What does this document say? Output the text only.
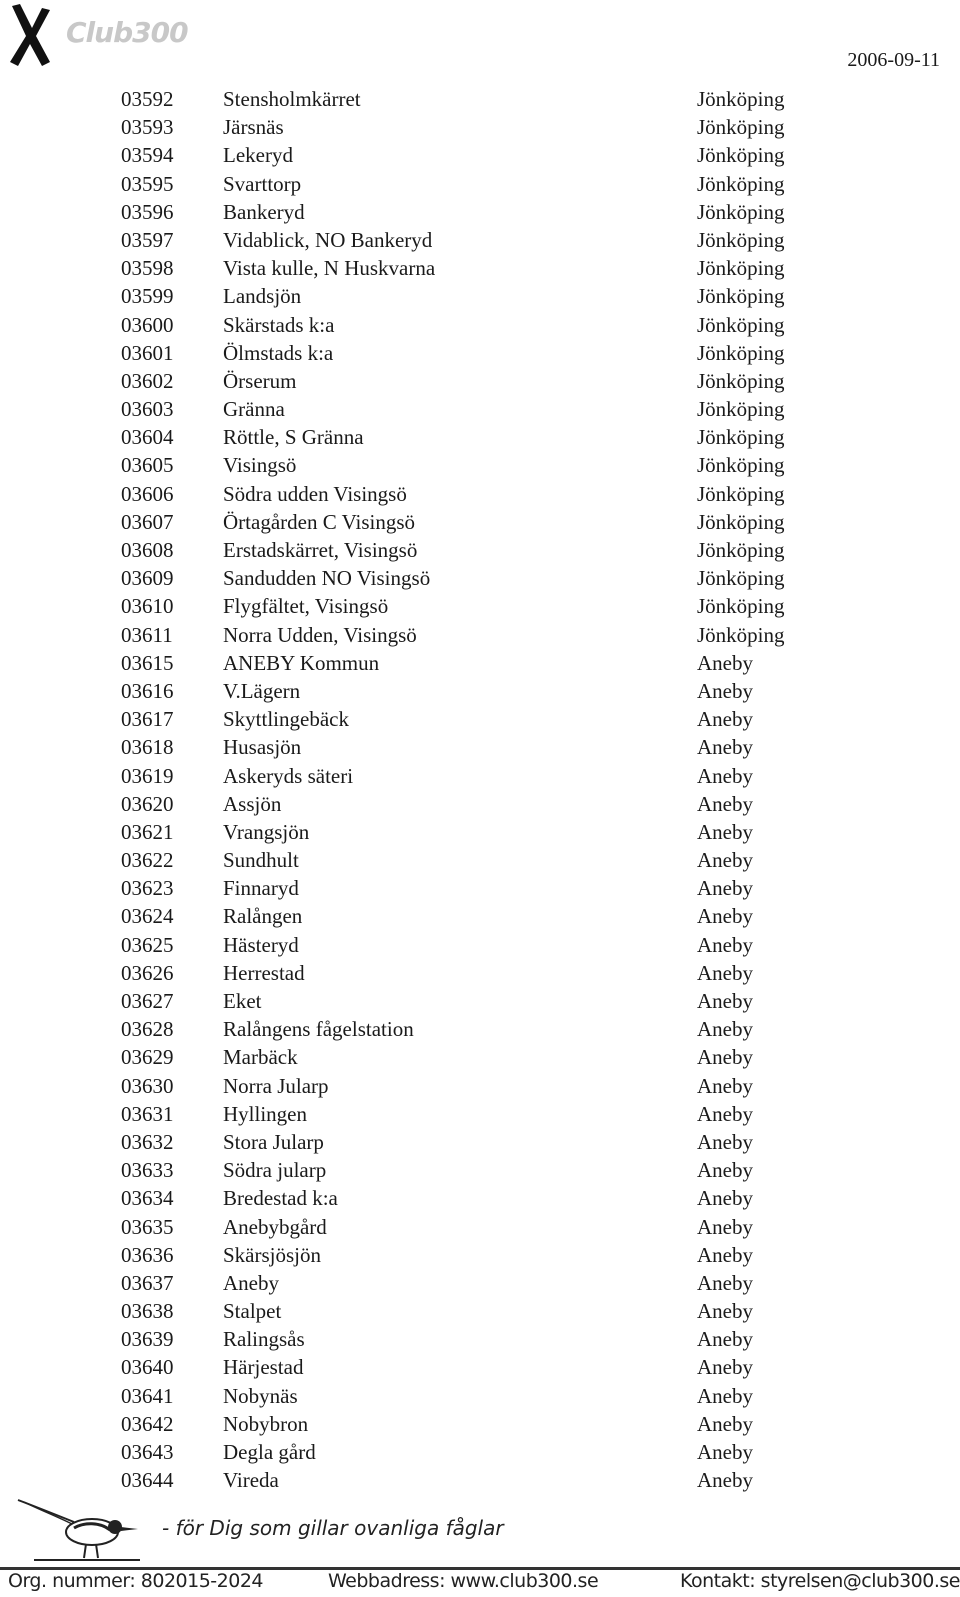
Club300
2006-09-11
03592 Stensholmkärret	Jönköping
03593 Järsnäs	Jönköping
03594 Lekeryd	Jönköping
03595 Svarttorp	Jönköping
03596 Bankeryd	Jönköping
03597 Vidablick, NO Bankeryd	Jönköping
03598 Vista kulle, N Huskvarna	Jönköping
03599 Landsjön	Jönköping
03600 Skärstads k:a	Jönköping
03601 Ölmstads k:a	Jönköping
03602 Örserum	Jönköping
03603 Gränna	Jönköping
03604 Röttle, S Gränna	Jönköping
03605 Visingsö	Jönköping
03606 Södra udden Visingsö	Jönköping
03607 Örtagården C Visingsö	Jönköping
03608 Erstadskärret, Visingsö	Jönköping
03609 Sandudden NO Visingsö	Jönköping
03610 Flygfältet, Visingsö	Jönköping
03611 Norra Udden, Visingsö	Jönköping
03615 ANEBY Kommun	Aneby
03616 V.Lägern	Aneby
03617 Skyttlingebäck	Aneby
03618 Husasjön	Aneby
03619 Askeryds säteri	Aneby
03620 Assjön	Aneby
03621 Vrangsjön	Aneby
03622 Sundhult	Aneby
03623 Finnaryd	Aneby
03624 Ralången	Aneby
03625 Hästeryd	Aneby
03626 Herrestad	Aneby
03627 Eket	Aneby
03628 Ralångens fågelstation	Aneby
03629 Marbäck	Aneby
03630 Norra Jularp	Aneby
03631 Hyllingen	Aneby
03632 Stora Jularp	Aneby
03633 Södra jularp	Aneby
03634 Bredestad k:a	Aneby
03635 Anebybgård	Aneby
03636 Skärsjösjön	Aneby
03637 Aneby	Aneby
03638 Stalpet	Aneby
03639 Ralingsås	Aneby
03640 Härjestad	Aneby
03641 Nobynäs	Aneby
03642 Nobybron	Aneby
03643 Degla gård	Aneby
03644 Vireda	Aneby
- för Dig som gillar ovanliga fåglar
Org. nummer: 802015-2024	Webbadress: www.club300.se	Kontakt: styrelsen@club300.se
